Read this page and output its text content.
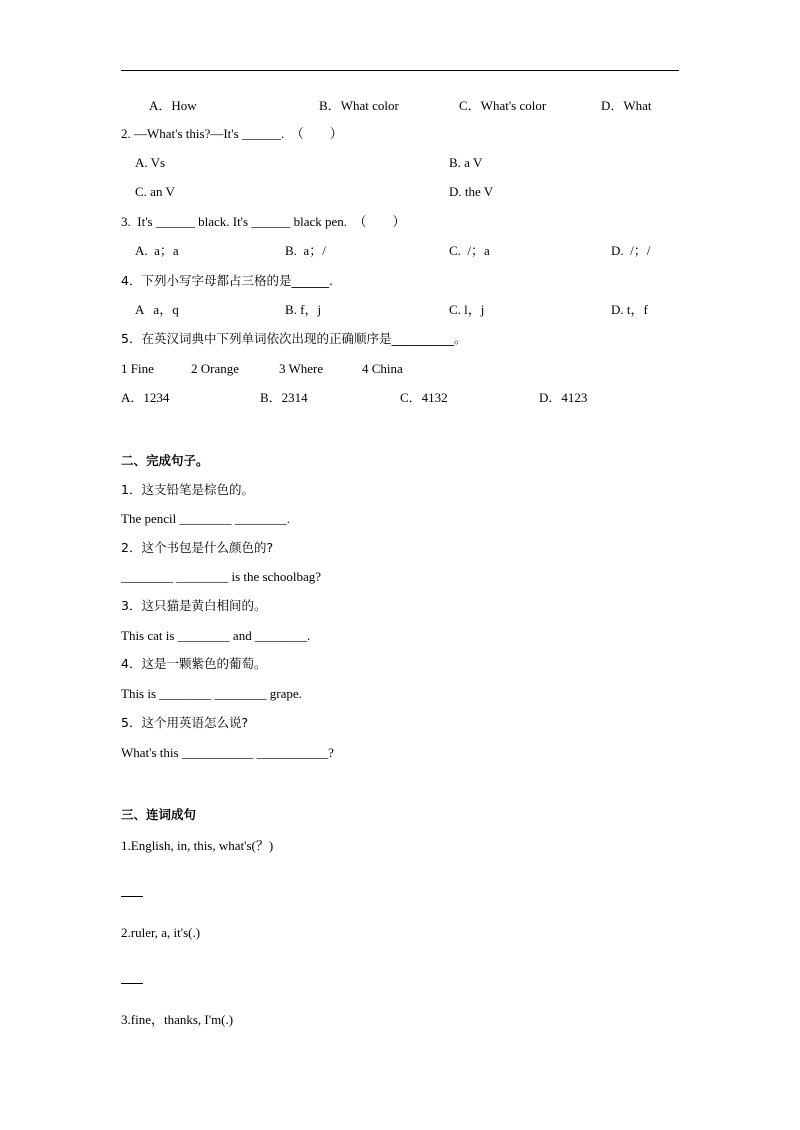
A．How	B．What color	C．What's color	D．What
2. —What's this?—It's ______.  （　　）
A. Vs	B. a V
C. an V	D. the V
3.  It's ______ black. It's ______ black pen.  （　　）
A.  a；a	B.  a；/	C.  /；a	D.  /；/
4．下列小写字母都占三格的是______.
A   a，q	B. f，j	C. l，j	D. t，f
5．在英汉词典中下列单词依次出现的正确顺序是__________。
1 Fine	2 Orange	3 Where	4 China
A．1234	B．2314	C．4132	D．4123
二、完成句子。
1．这支铅笔是棕色的。
The pencil ________ ________.
2．这个书包是什么颜色的?
________ ________ is the schoolbag?
3．这只猫是黄白相间的。
This cat is ________ and ________.
4．这是一颗紫色的葡萄。
This is ________ ________ grape.
5．这个用英语怎么说?
What's this ___________ ___________?
三、连词成句
1.English, in, this, what's(？)
2.ruler, a, it's(.)
3.fine，thanks, I'm(.)
